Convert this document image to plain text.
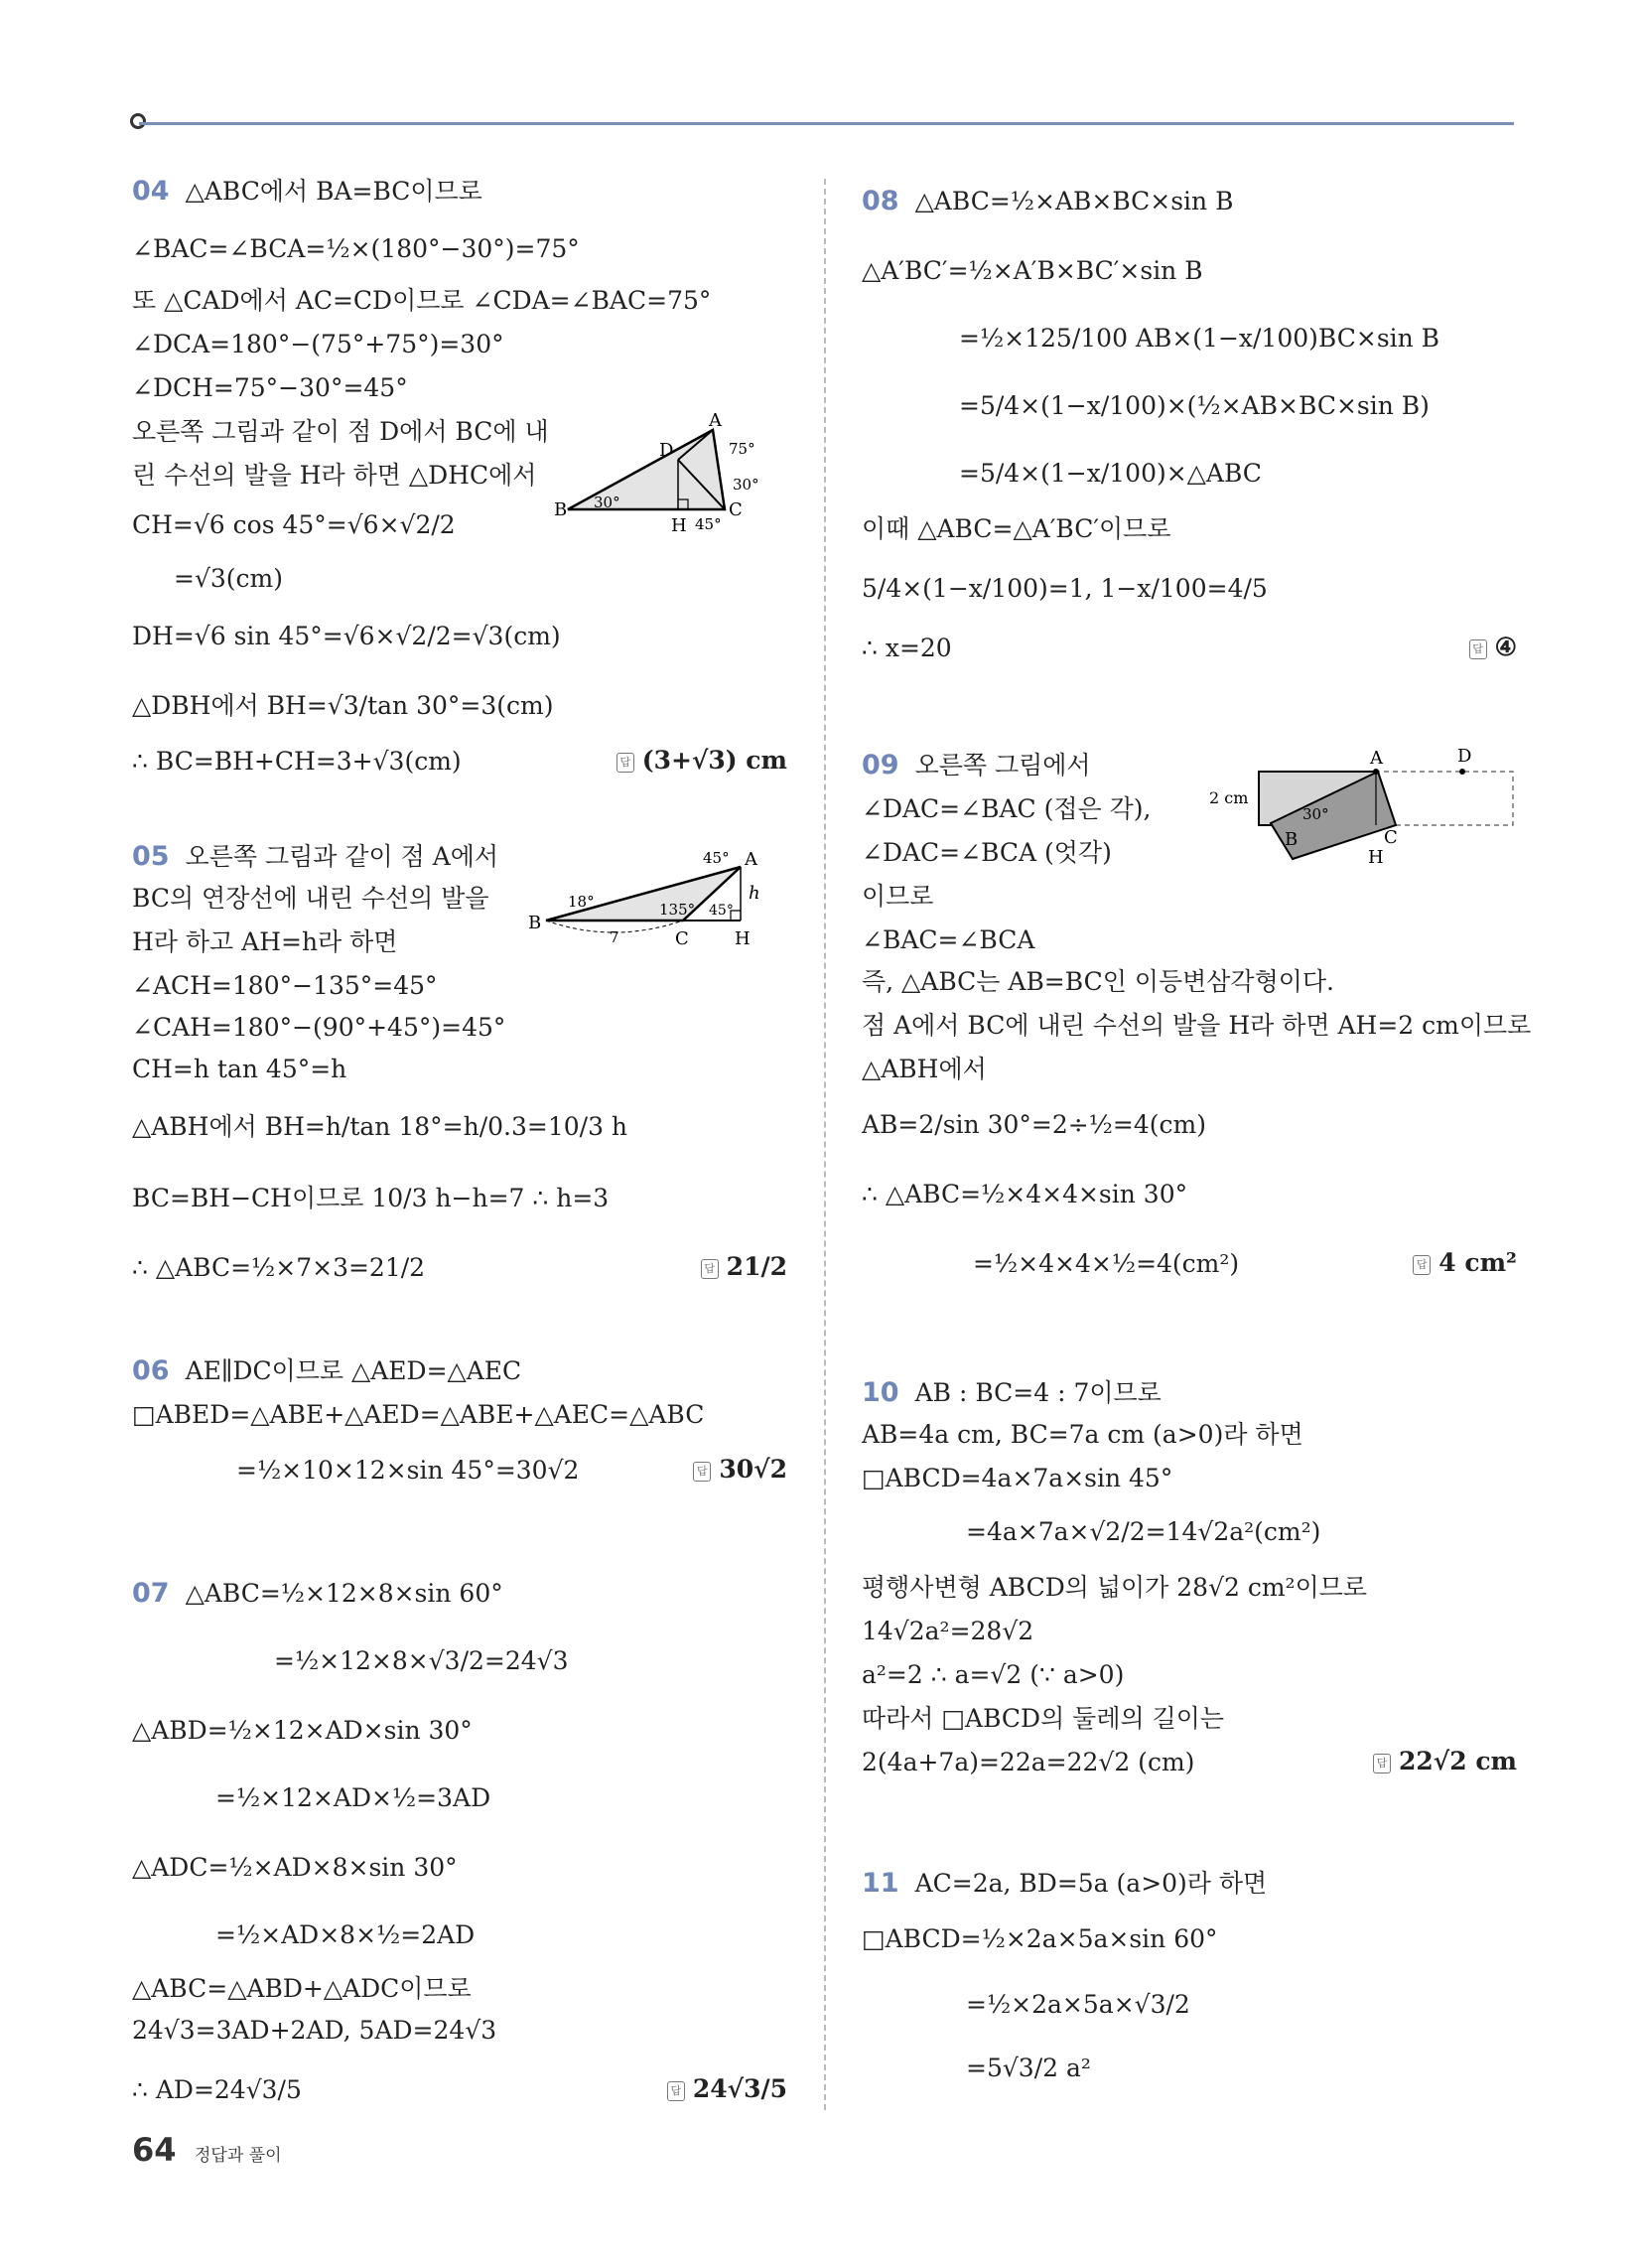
04 △ABC에서 BA=BC이므로
∠BAC=∠BCA=½×(180°−30°)=75°
또 △CAD에서 AC=CD이므로 ∠CDA=∠BAC=75°
∠DCA=180°−(75°+75°)=30°
∠DCH=75°−30°=45°
오른쪽 그림과 같이 점 D에서 BC에 내
린 수선의 발을 H라 하면 △DHC에서
CH=√6 cos 45°=√6×√2/2
=√3(cm)
DH=√6 sin 45°=√6×√2/2=√3(cm)
△DBH에서 BH=√3/tan 30°=3(cm)
∴ BC=BH+CH=3+√3(cm)	답 (3+√3) cm
A
D
B
H
C
75°
30°
30°
45°
05 오른쪽 그림과 같이 점 A에서
BC의 연장선에 내린 수선의 발을
H라 하고 AH=h라 하면
∠ACH=180°−135°=45°
∠CAH=180°−(90°+45°)=45°
CH=h tan 45°=h
△ABH에서 BH=h/tan 18°=h/0.3=10/3 h
BC=BH−CH이므로 10/3 h−h=7 ∴ h=3
∴ △ABC=½×7×3=21/2	답 21/2
A
B
C	H
h
18°
7
135° 45°
45°
06 AE∥DC이므로 △AED=△AEC
□ABED=△ABE+△AED=△ABE+△AEC=△ABC
=½×10×12×sin 45°=30√2	답 30√2
07 △ABC=½×12×8×sin 60°
=½×12×8×√3/2=24√3
△ABD=½×12×AD×sin 30°
=½×12×AD×½=3AD
△ADC=½×AD×8×sin 30°
=½×AD×8×½=2AD
△ABC=△ABD+△ADC이므로
24√3=3AD+2AD, 5AD=24√3
∴ AD=24√3/5	답 24√3/5
08 △ABC=½×AB×BC×sin B
△A′BC′=½×A′B×BC′×sin B
=½×125/100 AB×(1−x/100)BC×sin B
=5/4×(1−x/100)×(½×AB×BC×sin B)
=5/4×(1−x/100)×△ABC
이때 △ABC=△A′BC′이므로
5/4×(1−x/100)=1, 1−x/100=4/5
∴ x=20	답 ④
09 오른쪽 그림에서
∠DAC=∠BAC (접은 각),
∠DAC=∠BCA (엇각)
이므로
∠BAC=∠BCA
즉, △ABC는 AB=BC인 이등변삼각형이다.
점 A에서 BC에 내린 수선의 발을 H라 하면 AH=2 cm이므로
△ABH에서
AB=2/sin 30°=2÷½=4(cm)
∴ △ABC=½×4×4×sin 30°
=½×4×4×½=4(cm²)	답 4 cm²
A	D
B	C
H
2 cm
30°
10 AB : BC=4 : 7이므로
AB=4a cm, BC=7a cm (a>0)라 하면
□ABCD=4a×7a×sin 45°
=4a×7a×√2/2=14√2a²(cm²)
평행사변형 ABCD의 넓이가 28√2 cm²이므로
14√2a²=28√2
a²=2 ∴ a=√2 (∵ a>0)
따라서 □ABCD의 둘레의 길이는
2(4a+7a)=22a=22√2 (cm)	답 22√2 cm
11 AC=2a, BD=5a (a>0)라 하면
□ABCD=½×2a×5a×sin 60°
=½×2a×5a×√3/2
=5√3/2 a²
64 정답과 풀이
